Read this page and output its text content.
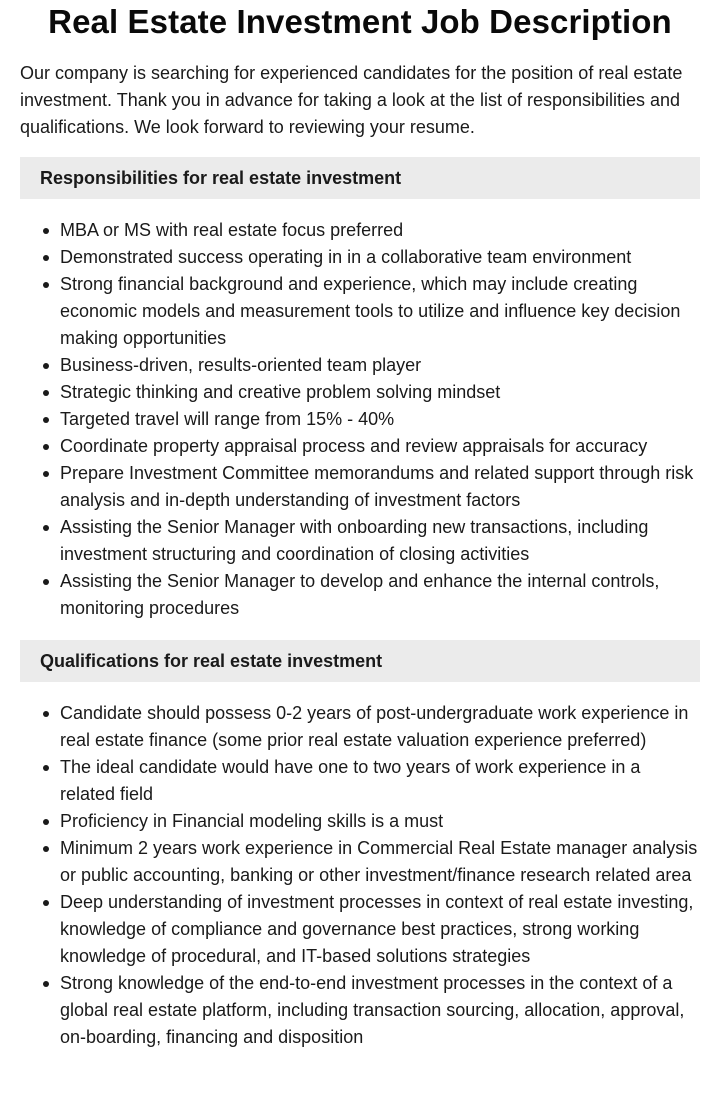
Real Estate Investment Job Description

Our company is searching for experienced candidates for the position of real estate investment. Thank you in advance for taking a look at the list of responsibilities and qualifications. We look forward to reviewing your resume.

Responsibilities for real estate investment
MBA or MS with real estate focus preferred
Demonstrated success operating in in a collaborative team environment
Strong financial background and experience, which may include creating economic models and measurement tools to utilize and influence key decision making opportunities
Business-driven, results-oriented team player
Strategic thinking and creative problem solving mindset
Targeted travel will range from 15% - 40%
Coordinate property appraisal process and review appraisals for accuracy
Prepare Investment Committee memorandums and related support through risk analysis and in-depth understanding of investment factors
Assisting the Senior Manager with onboarding new transactions, including investment structuring and coordination of closing activities
Assisting the Senior Manager to develop and enhance the internal controls, monitoring procedures
Qualifications for real estate investment
Candidate should possess 0-2 years of post-undergraduate work experience in real estate finance (some prior real estate valuation experience preferred)
The ideal candidate would have one to two years of work experience in a related field
Proficiency in Financial modeling skills is a must
Minimum 2 years work experience in Commercial Real Estate manager analysis or public accounting, banking or other investment/finance research related area
Deep understanding of investment processes in context of real estate investing, knowledge of compliance and governance best practices, strong working knowledge of procedural, and IT-based solutions strategies
Strong knowledge of the end-to-end investment processes in the context of a global real estate platform, including transaction sourcing, allocation, approval, on-boarding, financing and disposition
